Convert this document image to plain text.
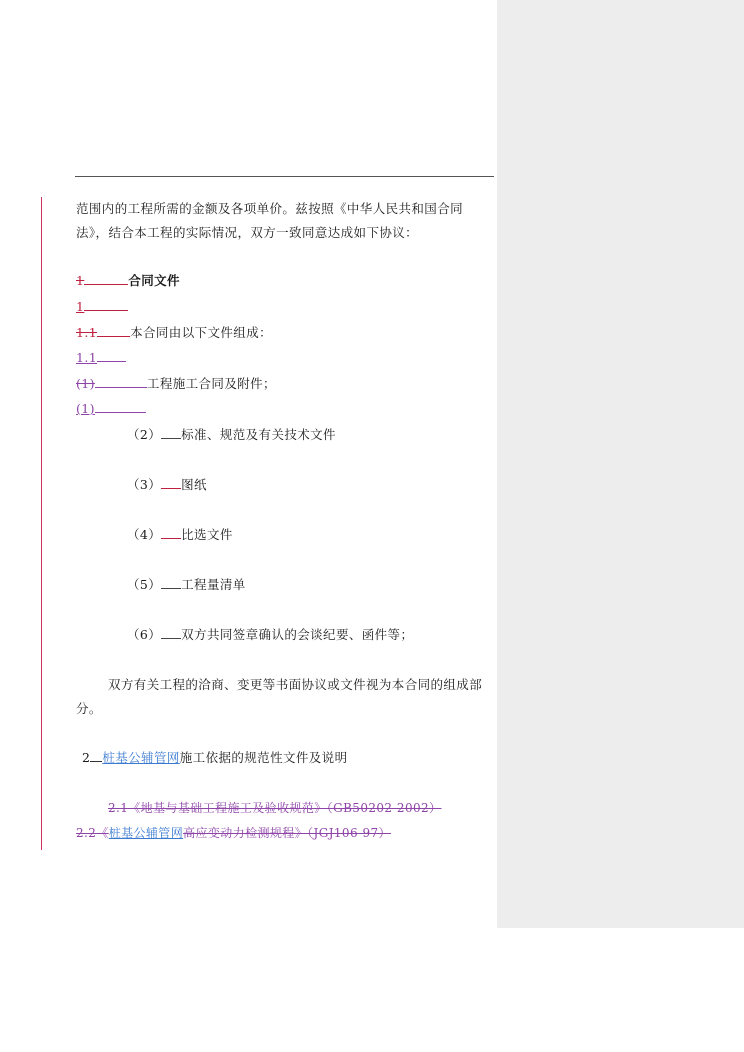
范围内的工程所需的金额及各项单价。兹按照《中华人民共和国合同
法》，结合本工程的实际情况，双方一致同意达成如下协议：
1	合同文件
1
1.1	本合同由以下文件组成：
1.1
(1)	工程施工合同及附件；
(1)
（2） 标准、规范及有关技术文件
（3） 图纸
（4） 比选文件
（5） 工程量清单
（6） 双方共同签章确认的会谈纪要、函件等；
双方有关工程的洽商、变更等书面协议或文件视为本合同的组成部
分。
2 桩基公辅管网施工依据的规范性文件及说明
2.1《地基与基础工程施工及验收规范》（GB50202-2002）
2.2《桩基公辅管网高应变动力检测规程》（JGJ106-97）
